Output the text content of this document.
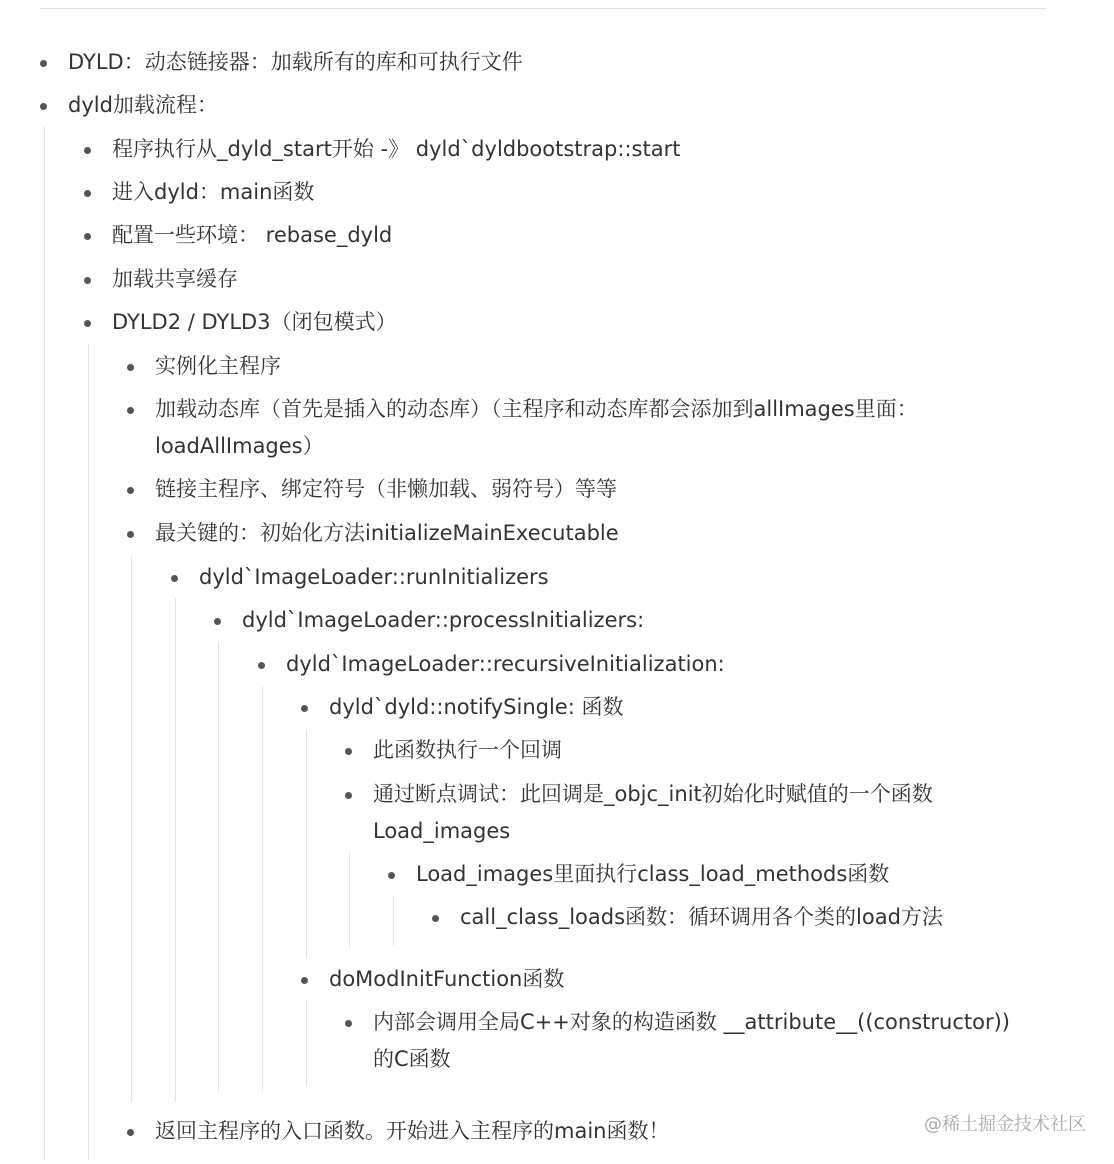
DYLD：动态链接器：加载所有的库和可执行文件
dyld加载流程：
程序执行从_dyld_start开始 -》 dyld`dyldbootstrap::start
进入dyld：main函数
配置一些环境： rebase_dyld
加载共享缓存
DYLD2 / DYLD3（闭包模式）
实例化主程序
加载动态库（首先是插入的动态库）（主程序和动态库都会添加到allImages里面：
loadAllImages）
链接主程序、绑定符号（非懒加载、弱符号）等等
最关键的：初始化方法initializeMainExecutable
dyld`ImageLoader::runInitializers
dyld`ImageLoader::processInitializers:
dyld`ImageLoader::recursiveInitialization:
dyld`dyld::notifySingle: 函数
此函数执行一个回调
通过断点调试：此回调是_objc_init初始化时赋值的一个函数
Load_images
Load_images里面执行class_load_methods函数
call_class_loads函数：循环调用各个类的load方法
doModInitFunction函数
内部会调用全局C++对象的构造函数 __attribute__((constructor))
的C函数
返回主程序的入口函数。开始进入主程序的main函数！	@稀土掘金技术社区
